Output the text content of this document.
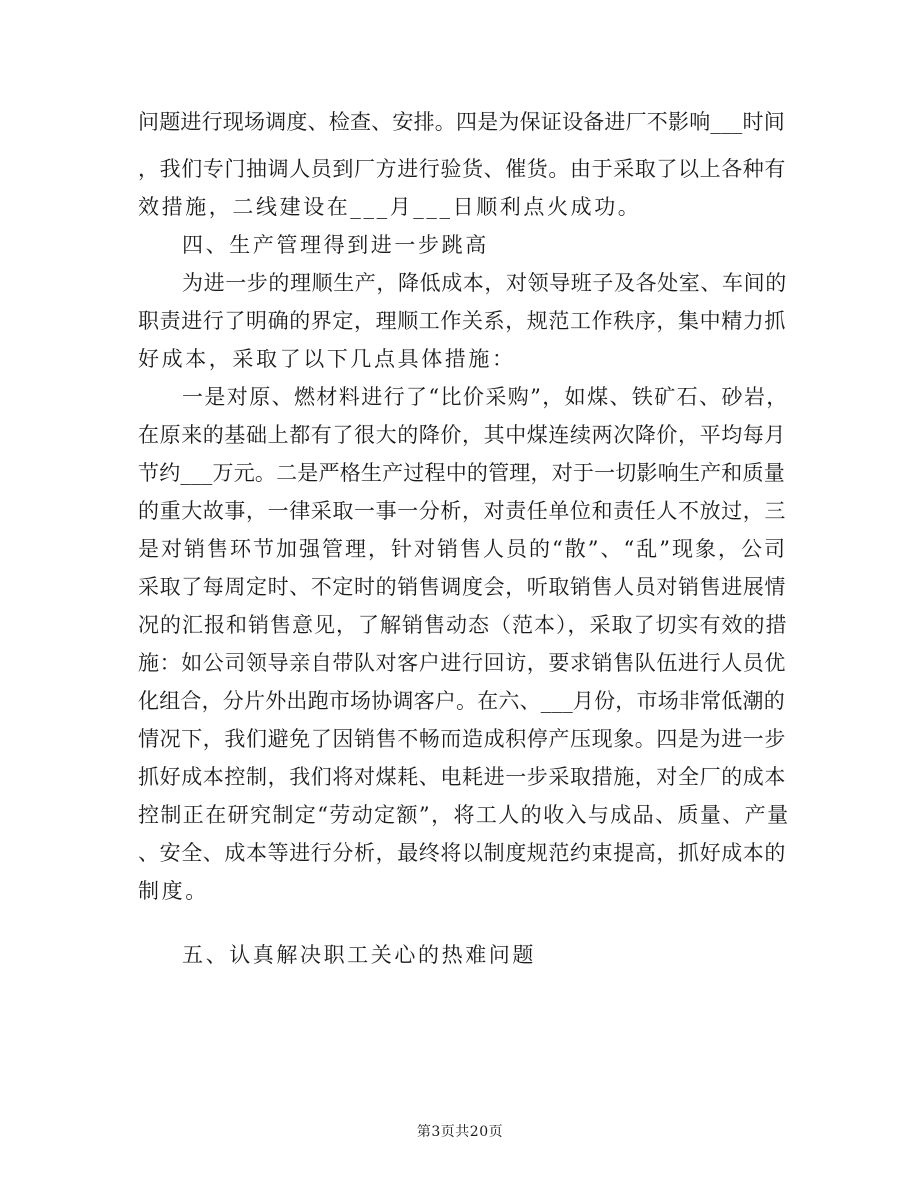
问题进行现场调度、检查、安排。四是为保证设备进厂不影响___时间
，我们专门抽调人员到厂方进行验货、催货。由于采取了以上各种有
效措施，二线建设在___月___日顺利点火成功。
四、生产管理得到进一步跳高
为进一步的理顺生产，降低成本，对领导班子及各处室、车间的
职责进行了明确的界定，理顺工作关系，规范工作秩序，集中精力抓
好成本，采取了以下几点具体措施：
一是对原、燃材料进行了“比价采购”，如煤、铁矿石、砂岩，
在原来的基础上都有了很大的降价，其中煤连续两次降价，平均每月
节约___万元。二是严格生产过程中的管理，对于一切影响生产和质量
的重大故事，一律采取一事一分析，对责任单位和责任人不放过，三
是对销售环节加强管理，针对销售人员的“散”、“乱”现象，公司
采取了每周定时、不定时的销售调度会，听取销售人员对销售进展情
况的汇报和销售意见，了解销售动态（范本），采取了切实有效的措
施：如公司领导亲自带队对客户进行回访，要求销售队伍进行人员优
化组合，分片外出跑市场协调客户。在六、___月份，市场非常低潮的
情况下，我们避免了因销售不畅而造成积停产压现象。四是为进一步
抓好成本控制，我们将对煤耗、电耗进一步采取措施，对全厂的成本
控制正在研究制定“劳动定额”，将工人的收入与成品、质量、产量
、安全、成本等进行分析，最终将以制度规范约束提高，抓好成本的
制度。
五、认真解决职工关心的热难问题
第3页共20页
